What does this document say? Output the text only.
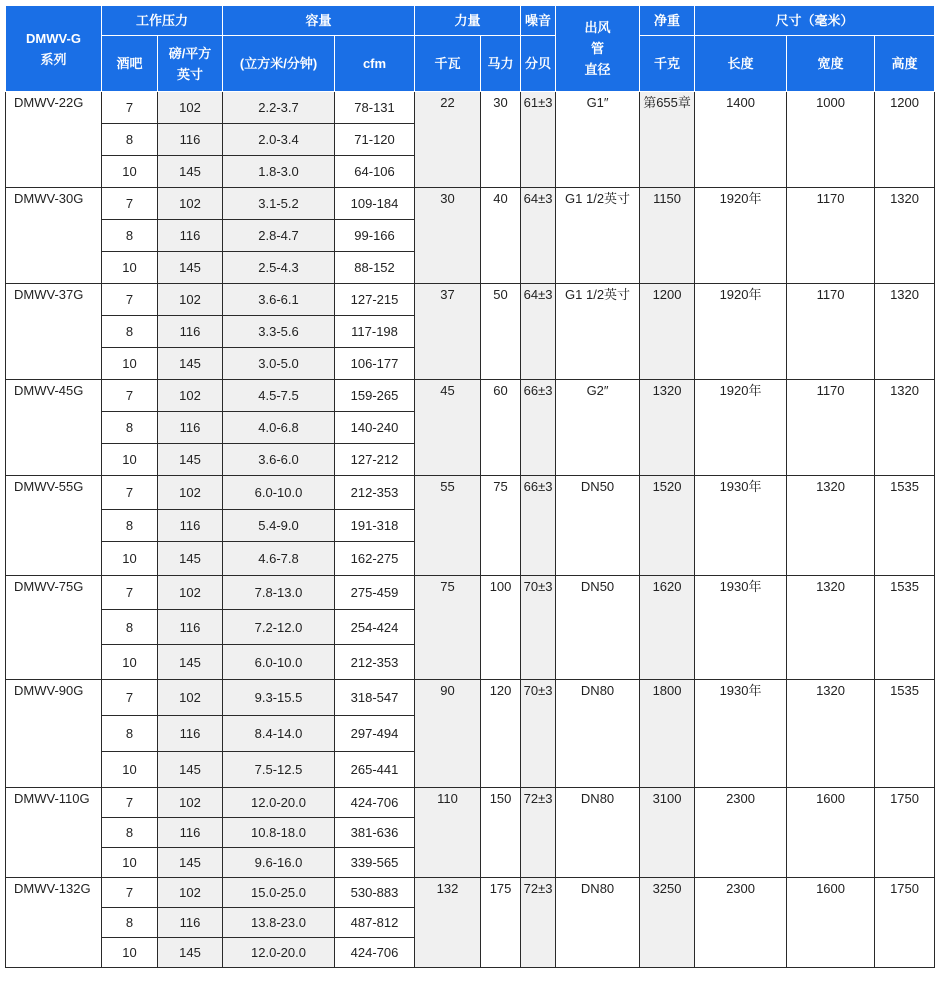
DMWV-G
系列	工作压力		容量		力量		噪音	出风
管
直径	净重	尺寸（毫米）		
	酒吧	磅/平方
英寸	(立方米/分钟)	cfm	千瓦	马力	分贝		千克	长度	宽度	高度

DMWV-22G	7	102	2.2-3.7	78-131	22	30	61±3	G1″	第655章	1400	1000	1200
	8	116	2.0-3.4	71-120								
	10	145	1.8-3.0	64-106								
DMWV-30G	7	102	3.1-5.2	109-184	30	40	64±3	G1 1/2英寸	1150	1920年	1170	1320
	8	116	2.8-4.7	99-166								
	10	145	2.5-4.3	88-152								
DMWV-37G	7	102	3.6-6.1	127-215	37	50	64±3	G1 1/2英寸	1200	1920年	1170	1320
	8	116	3.3-5.6	117-198								
	10	145	3.0-5.0	106-177								
DMWV-45G	7	102	4.5-7.5	159-265	45	60	66±3	G2″	1320	1920年	1170	1320
	8	116	4.0-6.8	140-240								
	10	145	3.6-6.0	127-212								
DMWV-55G	7	102	6.0-10.0	212-353	55	75	66±3	DN50	1520	1930年	1320	1535
	8	116	5.4-9.0	191-318								
	10	145	4.6-7.8	162-275								
DMWV-75G	7	102	7.8-13.0	275-459	75	100	70±3	DN50	1620	1930年	1320	1535
	8	116	7.2-12.0	254-424								
	10	145	6.0-10.0	212-353								
DMWV-90G	7	102	9.3-15.5	318-547	90	120	70±3	DN80	1800	1930年	1320	1535
	8	116	8.4-14.0	297-494								
	10	145	7.5-12.5	265-441								
DMWV-110G	7	102	12.0-20.0	424-706	110	150	72±3	DN80	3100	2300	1600	1750
	8	116	10.8-18.0	381-636								
	10	145	9.6-16.0	339-565								
DMWV-132G	7	102	15.0-25.0	530-883	132	175	72±3	DN80	3250	2300	1600	1750
	8	116	13.8-23.0	487-812								
	10	145	12.0-20.0	424-706								
